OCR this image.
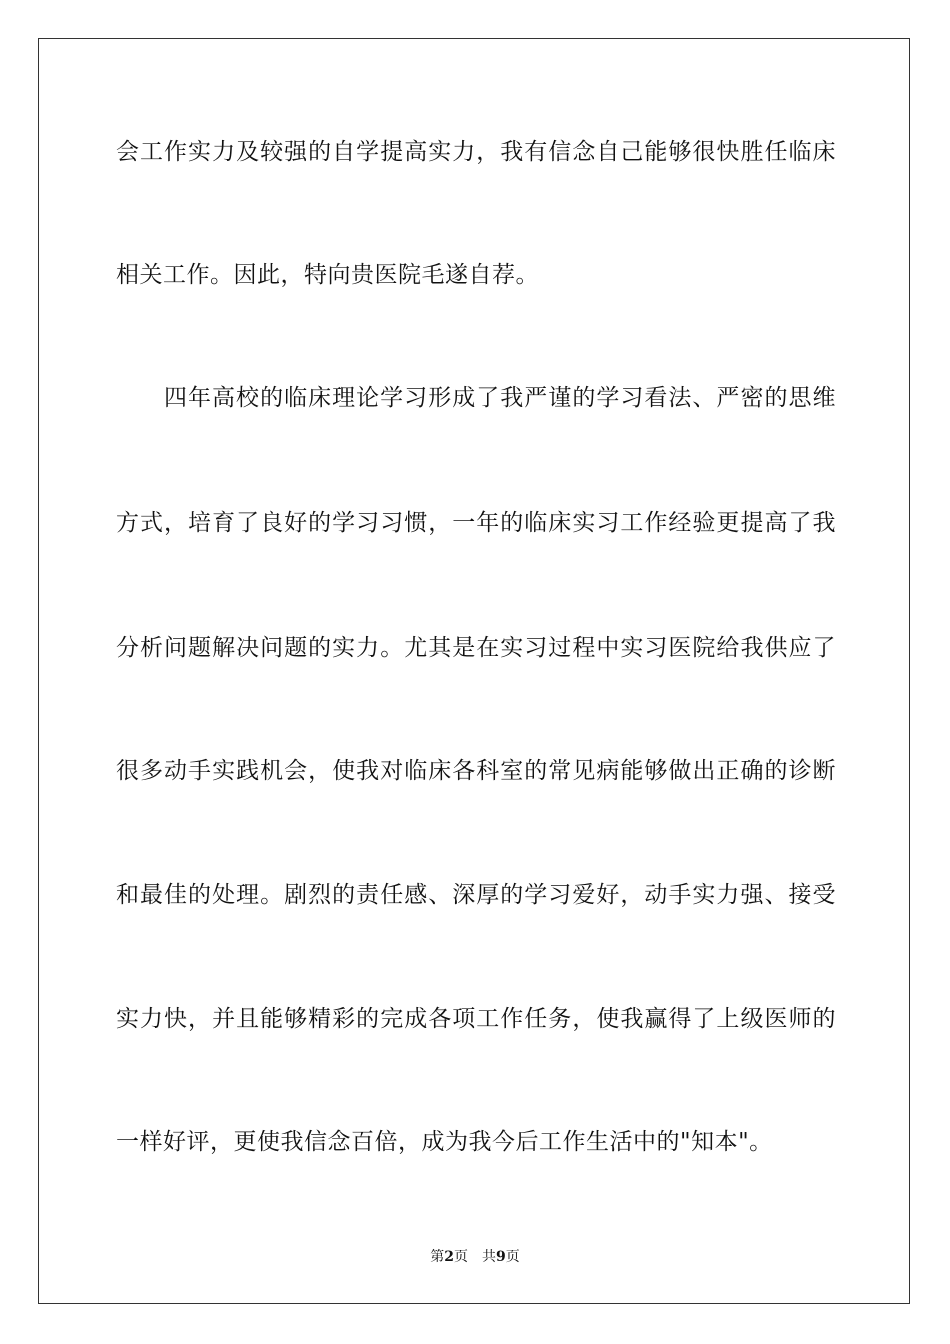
会工作实力及较强的自学提高实力，我有信念自己能够很快胜任临床
相关工作。因此，特向贵医院毛遂自荐。
四年高校的临床理论学习形成了我严谨的学习看法、严密的思维
方式，培育了良好的学习习惯，一年的临床实习工作经验更提高了我
分析问题解决问题的实力。尤其是在实习过程中实习医院给我供应了
很多动手实践机会，使我对临床各科室的常见病能够做出正确的诊断
和最佳的处理。剧烈的责任感、深厚的学习爱好，动手实力强、接受
实力快，并且能够精彩的完成各项工作任务，使我赢得了上级医师的
一样好评，更使我信念百倍，成为我今后工作生活中的"知本"。
第2页 共9页
